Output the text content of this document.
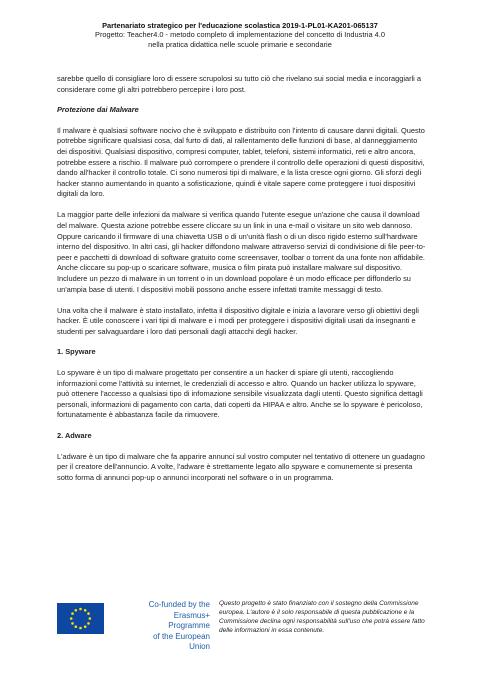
Partenariato strategico per l'educazione scolastica 2019-1-PL01-KA201-065137
Progetto: Teacher4.0 - metodo completo di implementazione del concetto di Industria 4.0
nella pratica didattica nelle scuole primarie e secondarie

sarebbe quello di consigliare loro di essere scrupolosi su tutto ciò che rivelano sui social media e incoraggiarli a considerare come gli altri potrebbero percepire i loro post.

Protezione dai Malware

Il malware è qualsiasi software nocivo che è sviluppato e distribuito con l'intento di causare danni digitali. Questo potrebbe significare qualsiasi cosa, dal furto di dati, al rallentamento delle funzioni di base, al danneggiamento dei dispositivi. Qualsiasi dispositivo, compresi computer, tablet, telefoni, sistemi informatici, reti e altro ancora, potrebbe essere a rischio. Il malware può corrompere o prendere il controllo delle operazioni di questi dispositivi, dando all'hacker il controllo totale. Ci sono numerosi tipi di malware, e la lista cresce ogni giorno. Gli sforzi degli hacker stanno aumentando in quanto a sofisticazione, quindi è vitale sapere come proteggere i tuoi dispositivi digitali da loro.

La maggior parte delle infezioni da malware si verifica quando l'utente esegue un'azione che causa il download del malware. Questa azione potrebbe essere cliccare su un link in una e-mail o visitare un sito web dannoso. Oppure caricando il firmware di una chiavetta USB o di un'unità flash o di un disco rigido esterno sull'hardware interno del dispositivo. In altri casi, gli hacker diffondono malware attraverso servizi di condivisione di file peer-to-peer e pacchetti di download di software gratuito come screensaver, toolbar o torrent da una fonte non affidabile. Anche cliccare su pop-up o scaricare software, musica o film pirata può installare malware sul dispositivo. Includere un pezzo di malware in un torrent o in un download popolare è un modo efficace per diffonderlo su un'ampia base di utenti. I dispositivi mobili possono anche essere infettati tramite messaggi di testo.

Una volta che il malware è stato installato, infetta il dispositivo digitale e inizia a lavorare verso gli obiettivi degli hacker. È utile conoscere i vari tipi di malware e i modi per proteggere i dispositivi digitali usati da insegnanti e studenti per salvaguardare i loro dati personali dagli attacchi degli hacker.

1. Spyware

Lo spyware è un tipo di malware progettato per consentire a un hacker di spiare gli utenti, raccogliendo informazioni come l'attività su internet, le credenziali di accesso e altro. Quando un hacker utilizza lo spyware, può ottenere l'accesso a qualsiasi tipo di infomazione sensibile visualizzata dagli utenti. Questo significa dettagli personali, informazioni di pagamento con carta, dati coperti da HIPAA e altro. Anche se lo spyware è pericoloso, fortunatamente è abbastanza facile da rimuovere.

2. Adware

L'adware è un tipo di malware che fa apparire annunci sul vostro computer nel tentativo di ottenere un guadagno per il creatore dell'annuncio. A volte, l'adware è strettamente legato allo spyware e comunemente si presenta sotto forma di annunci pop-up o annunci incorporati nel software o in un programma.

Co-funded by the
Erasmus+ Programme
of the European Union
Questo progetto è stato finanziato con il sostegno della Commissione europea. L'autore è il solo responsabile di questa pubblicazione e la Commissione declina ogni responsabilità sull'uso che potrà essere fatto delle informazioni in essa contenute.
